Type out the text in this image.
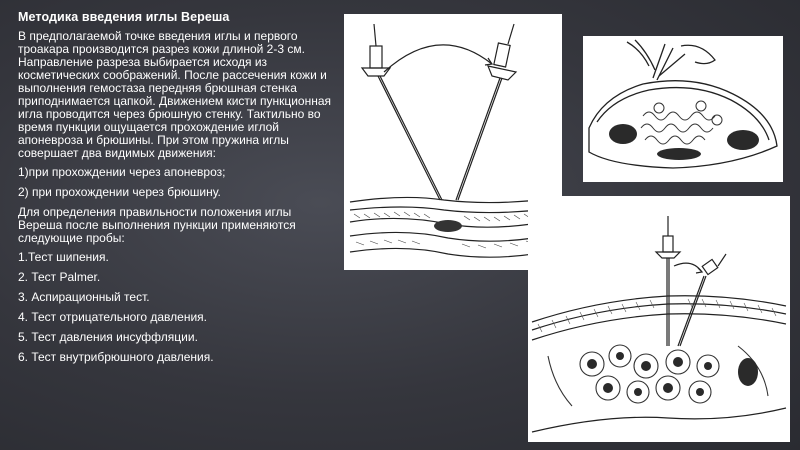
Методика введения иглы Вереша

В предполагаемой точке введения иглы и первого троакара производится разрез кожи длиной 2-3 см. Направление разреза выбирается исходя из косметических соображений. После рассечения кожи и выполнения гемостаза передняя брюшная стенка приподнимается цапкой. Движением кисти пункционная игла проводится через брюшную стенку. Тактильно во время пункции ощущается прохождение иглой апоневроза и брюшины. При этом пружина иглы совершает два видимых движения:

1)при прохождении через апоневроз;

2) при прохождении через брюшину.

Для определения правильности положения иглы Вереша после выполнения пункции применяются следующие пробы:

1.Тест шипения.

2. Тест Palmer.

3. Аспирационный тест.

4. Тест отрицательного давления.

5. Тест давления инсуффляции.

6. Тест внутрибрюшного давления.
